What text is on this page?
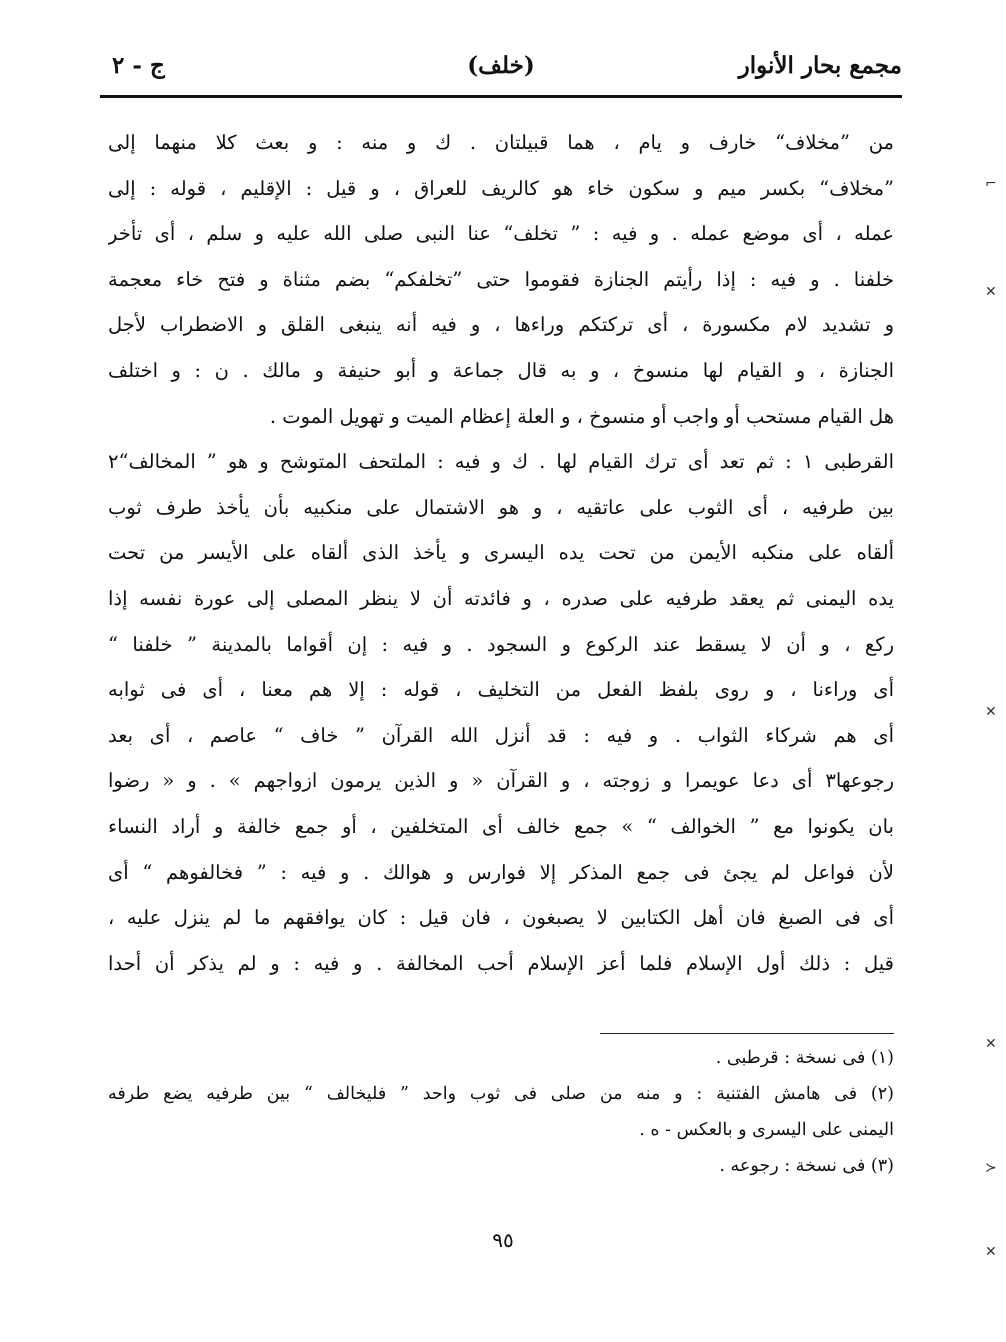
مجمع بحار الأنوار
(خلف)
ج - ٢
من ”مخلاف“ خارف و يام ، هما قبيلتان . ك و منه : و بعث كلا منهما إلى
”مخلاف“ بكسر ميم و سكون خاء هو كالريف للعراق ، و قيل : الإقليم ، قوله : إلى
عمله ، أى موضع عمله . و فيه : ” تخلف“ عنا النبى صلى الله عليه و سلم ، أى تأخر
خلفنا . و فيه : إذا رأيتم الجنازة فقوموا حتى ”تخلفكم“ بضم مثناة و فتح خاء معجمة
و تشديد لام مكسورة ، أى تركتكم وراءها ، و فيه أنه ينبغى القلق و الاضطراب لأجل
الجنازة ، و القيام لها منسوخ ، و به قال جماعة و أبو حنيفة و مالك . ن : و اختلف
هل القيام مستحب أو واجب أو منسوخ ، و العلة إعظام الميت و تهويل الموت .
القرطبى ١ : ثم تعد أى ترك القيام لها . ك و فيه : الملتحف المتوشح و هو ” المخالف“٢
بين طرفيه ، أى الثوب على عاتقيه ، و هو الاشتمال على منكبيه بأن يأخذ طرف ثوب
ألقاه على منكبه الأيمن من تحت يده اليسرى و يأخذ الذى ألقاه على الأيسر من تحت
يده اليمنى ثم يعقد طرفيه على صدره ، و فائدته أن لا ينظر المصلى إلى عورة نفسه إذا
ركع ، و أن لا يسقط عند الركوع و السجود . و فيه : إن أقواما بالمدينة ” خلفنا “
أى وراءنا ، و روى بلفظ الفعل من التخليف ، قوله : إلا هم معنا ، أى فى ثوابه
أى هم شركاء الثواب . و فيه : قد أنزل الله القرآن ” خاف “ عاصم ، أى بعد
رجوعها٣ أى دعا عويمرا و زوجته ، و القرآن « و الذين يرمون ازواجهم » . و « رضوا
بان يكونوا مع ” الخوالف “ » جمع خالف أى المتخلفين ، أو جمع خالفة و أراد النساء
لأن فواعل لم يجئ فى جمع المذكر إلا فوارس و هوالك . و فيه : ” فخالفوهم “ أى
أى فى الصبغ فان أهل الكتابين لا يصبغون ، فان قيل : كان يوافقهم ما لم ينزل عليه ،
قيل : ذلك أول الإسلام فلما أعز الإسلام أحب المخالفة . و فيه : و لم يذكر أن أحدا
(١) فى نسخة : قرطبى .
(٢) فى هامش الفتنية : و منه من صلى فى ثوب واحد ” فليخالف “ بين طرفيه يضع طرفه
اليمنى على اليسرى و بالعكس - ه .
(٣) فى نسخة : رجوعه .
٩٥
⌐
✕
✕
✕
≻
✕
